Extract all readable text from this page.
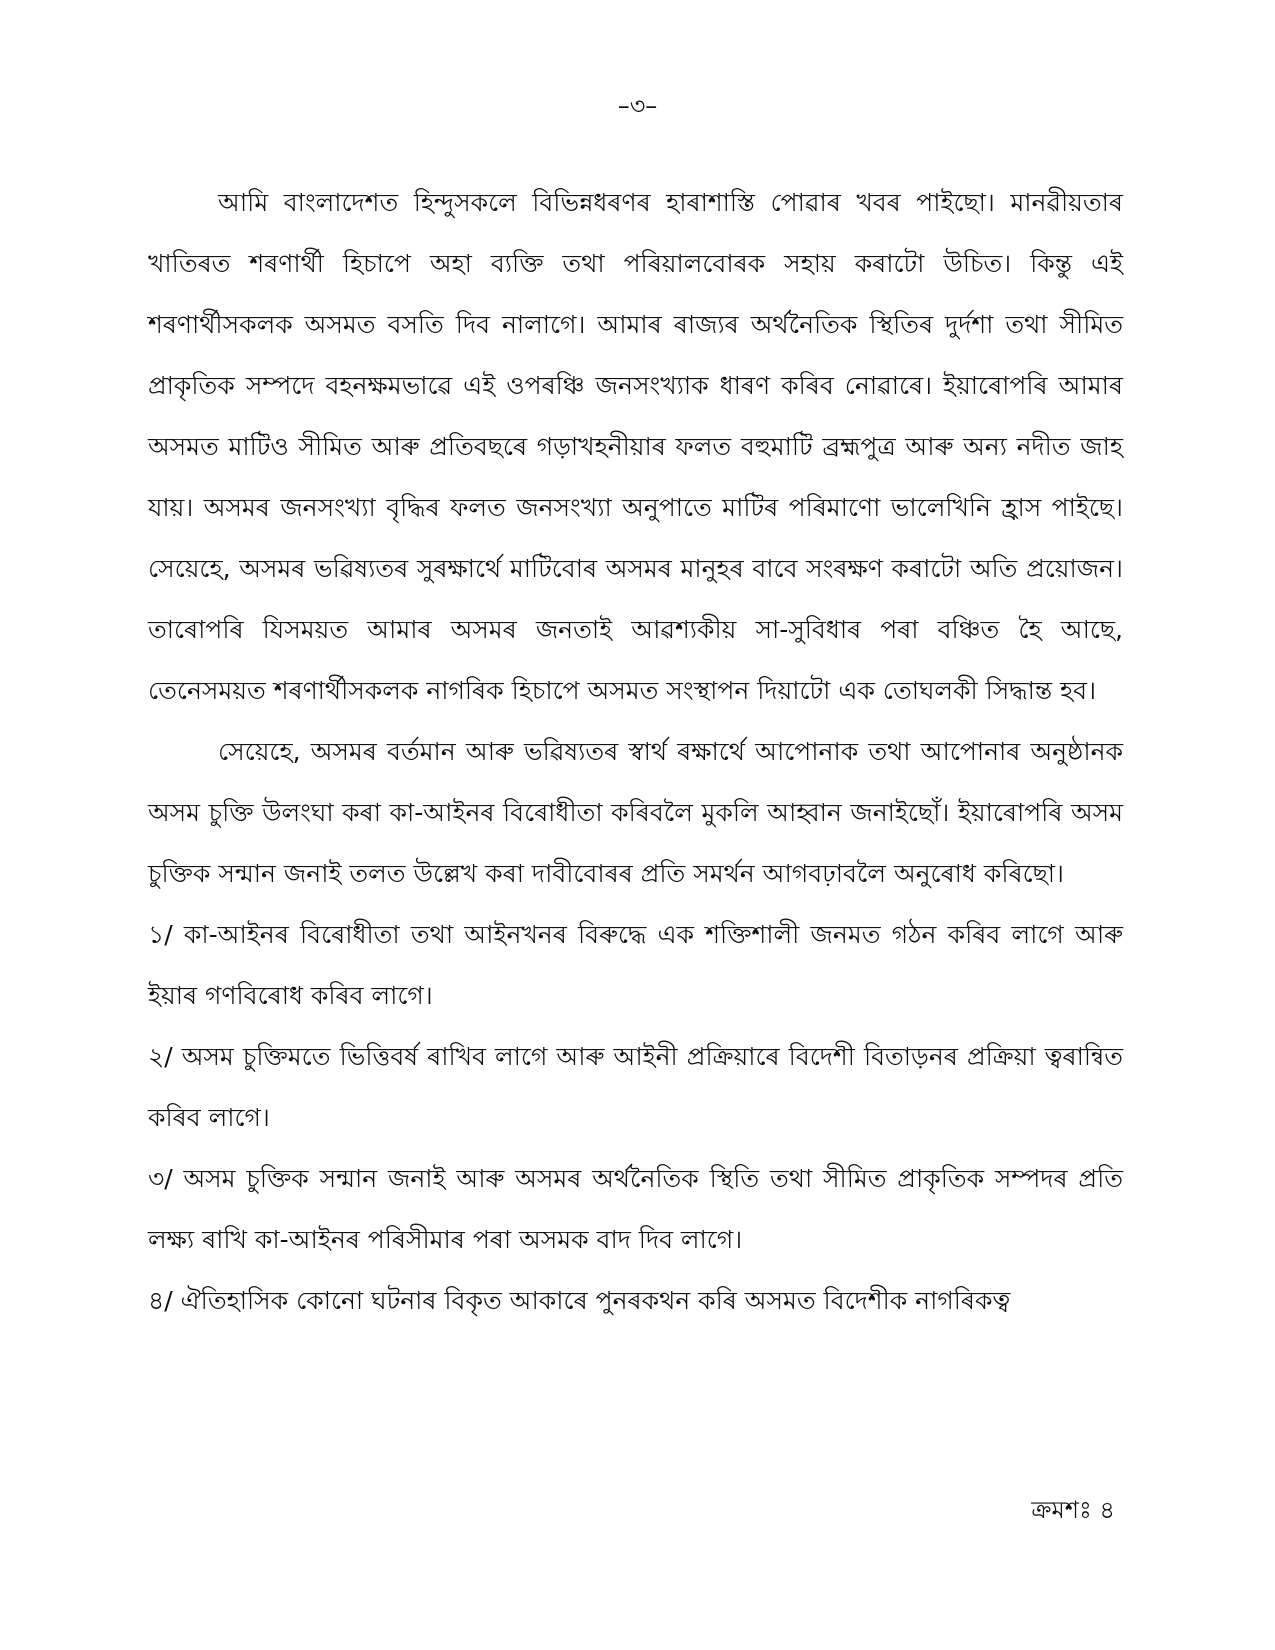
–৩–

আমি বাংলাদেশত হিন্দুসকলে বিভিন্নধৰণৰ হাৰাশাস্তি পোৱাৰ খবৰ পাইছো। মানৱীয়তাৰ খাতিৰত শৰণাৰ্থী হিচাপে অহা ব্যক্তি তথা পৰিয়ালবোৰক সহায় কৰাটো উচিত। কিন্তু এই শৰণাৰ্থীসকলক অসমত বসতি দিব নালাগে। আমাৰ ৰাজ্যৰ অৰ্থনৈতিক স্থিতিৰ দুৰ্দশা তথা সীমিত প্ৰাকৃতিক সম্পদে বহনক্ষমভাৱে এই ওপৰঞ্চি জনসংখ্যাক ধাৰণ কৰিব নোৱাৰে। ইয়াৰোপৰি আমাৰ অসমত মাটিও সীমিত আৰু প্ৰতিবছৰে গড়াখহনীয়াৰ ফলত বহুমাটি ব্ৰহ্মপুত্ৰ আৰু অন্য নদীত জাহ যায়। অসমৰ জনসংখ্যা বৃদ্ধিৰ ফলত জনসংখ্যা অনুপাতে মাটিৰ পৰিমাণো ভালেখিনি হ্ৰাস পাইছে। সেয়েহে, অসমৰ ভৱিষ্যতৰ সুৰক্ষাৰ্থে মাটিবোৰ অসমৰ মানুহৰ বাবে সংৰক্ষণ কৰাটো অতি প্ৰয়োজন। তাৰোপৰি যিসময়ত আমাৰ অসমৰ জনতাই আৱশ্যকীয় সা-সুবিধাৰ পৰা বঞ্চিত হৈ আছে, তেনেসময়ত শৰণাৰ্থীসকলক নাগৰিক হিচাপে অসমত সংস্থাপন দিয়াটো এক তোঘলকী সিদ্ধান্ত হব।

সেয়েহে, অসমৰ বৰ্তমান আৰু ভৱিষ্যতৰ স্বাৰ্থ ৰক্ষাৰ্থে আপোনাক তথা আপোনাৰ অনুষ্ঠানক অসম চুক্তি উলংঘা কৰা কা-আইনৰ বিৰোধীতা কৰিবলৈ মুকলি আহ্বান জনাইছোঁ। ইয়াৰোপৰি অসম চুক্তিক সন্মান জনাই তলত উল্লেখ কৰা দাবীবোৰৰ প্ৰতি সমৰ্থন আগবঢ়াবলৈ অনুৰোধ কৰিছো।

১/ কা-আইনৰ বিৰোধীতা তথা আইনখনৰ বিৰুদ্ধে এক শক্তিশালী জনমত গঠন কৰিব লাগে আৰু ইয়াৰ গণবিৰোধ কৰিব লাগে।

২/ অসম চুক্তিমতে ভিত্তিবৰ্ষ ৰাখিব লাগে আৰু আইনী প্ৰক্ৰিয়াৰে বিদেশী বিতাড়নৰ প্ৰক্ৰিয়া ত্বৰান্বিত কৰিব লাগে।

৩/ অসম চুক্তিক সন্মান জনাই আৰু অসমৰ অৰ্থনৈতিক স্থিতি তথা সীমিত প্ৰাকৃতিক সম্পদৰ প্ৰতি লক্ষ্য ৰাখি কা-আইনৰ পৰিসীমাৰ পৰা অসমক বাদ দিব লাগে।

৪/ ঐতিহাসিক কোনো ঘটনাৰ বিকৃত আকাৰে পুনৰকথন কৰি অসমত বিদেশীক নাগৰিকত্ব

ক্ৰমশঃ ৪
